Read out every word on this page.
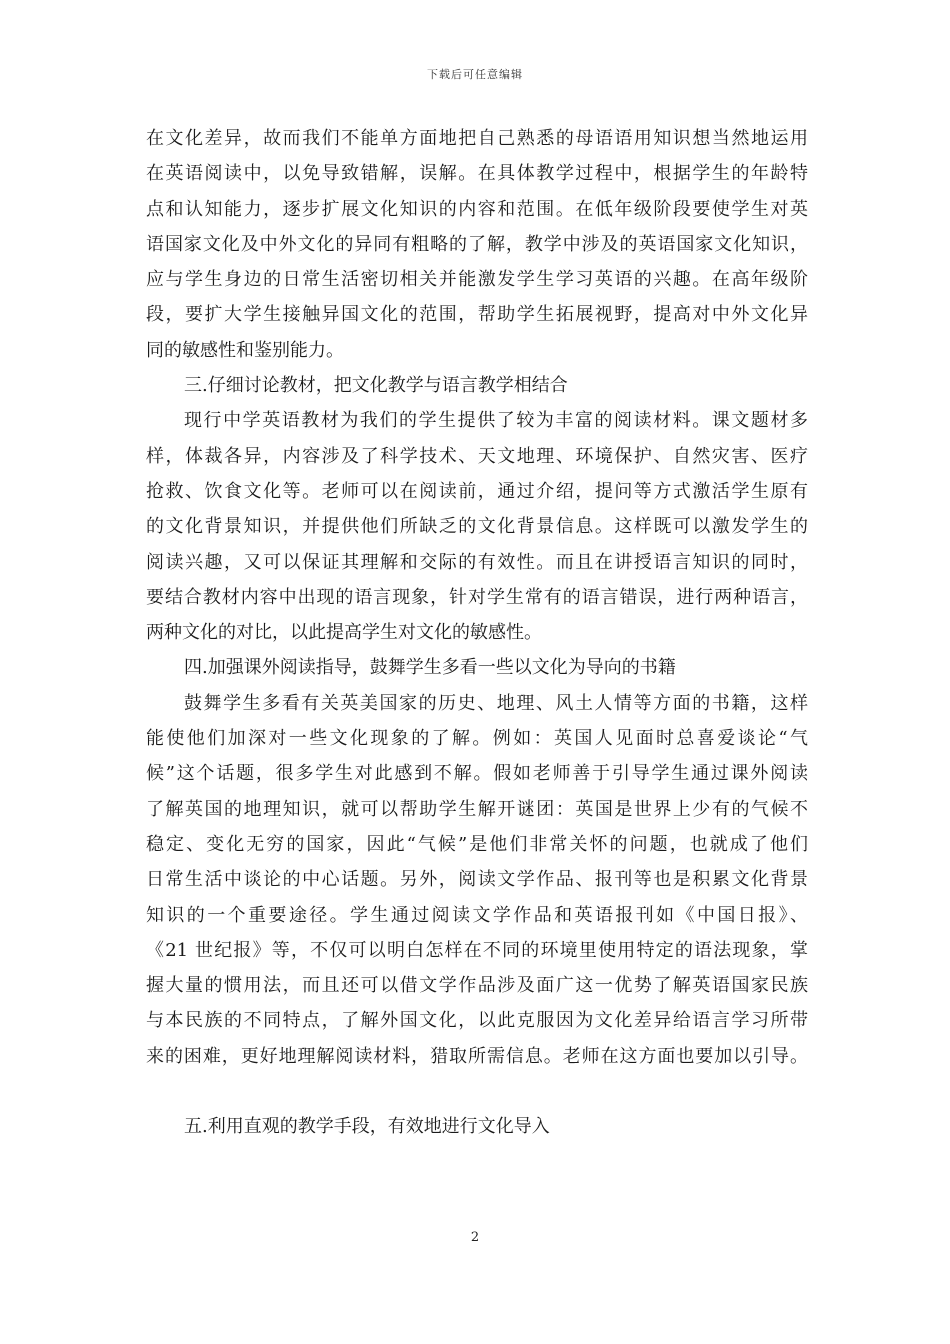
下载后可任意编辑
在文化差异，故而我们不能单方面地把自己熟悉的母语语用知识想当然地运用
在英语阅读中，以免导致错解，误解。在具体教学过程中，根据学生的年龄特
点和认知能力，逐步扩展文化知识的内容和范围。在低年级阶段要使学生对英
语国家文化及中外文化的异同有粗略的了解，教学中涉及的英语国家文化知识，
应与学生身边的日常生活密切相关并能激发学生学习英语的兴趣。在高年级阶
段，要扩大学生接触异国文化的范围，帮助学生拓展视野，提高对中外文化异
同的敏感性和鉴别能力。
三.仔细讨论教材，把文化教学与语言教学相结合
现行中学英语教材为我们的学生提供了较为丰富的阅读材料。课文题材多
样，体裁各异，内容涉及了科学技术、天文地理、环境保护、自然灾害、医疗
抢救、饮食文化等。老师可以在阅读前，通过介绍，提问等方式激活学生原有
的文化背景知识，并提供他们所缺乏的文化背景信息。这样既可以激发学生的
阅读兴趣，又可以保证其理解和交际的有效性。而且在讲授语言知识的同时，
要结合教材内容中出现的语言现象，针对学生常有的语言错误，进行两种语言，
两种文化的对比，以此提高学生对文化的敏感性。
四.加强课外阅读指导，鼓舞学生多看一些以文化为导向的书籍
鼓舞学生多看有关英美国家的历史、地理、风土人情等方面的书籍，这样
能使他们加深对一些文化现象的了解。例如：英国人见面时总喜爱谈论“气
候”这个话题，很多学生对此感到不解。假如老师善于引导学生通过课外阅读
了解英国的地理知识，就可以帮助学生解开谜团：英国是世界上少有的气候不
稳定、变化无穷的国家，因此“气候”是他们非常关怀的问题，也就成了他们
日常生活中谈论的中心话题。另外，阅读文学作品、报刊等也是积累文化背景
知识的一个重要途径。学生通过阅读文学作品和英语报刊如《中国日报》、
《21 世纪报》等，不仅可以明白怎样在不同的环境里使用特定的语法现象，掌
握大量的惯用法，而且还可以借文学作品涉及面广这一优势了解英语国家民族
与本民族的不同特点，了解外国文化，以此克服因为文化差异给语言学习所带
来的困难，更好地理解阅读材料，猎取所需信息。老师在这方面也要加以引导。
五.利用直观的教学手段，有效地进行文化导入
2
